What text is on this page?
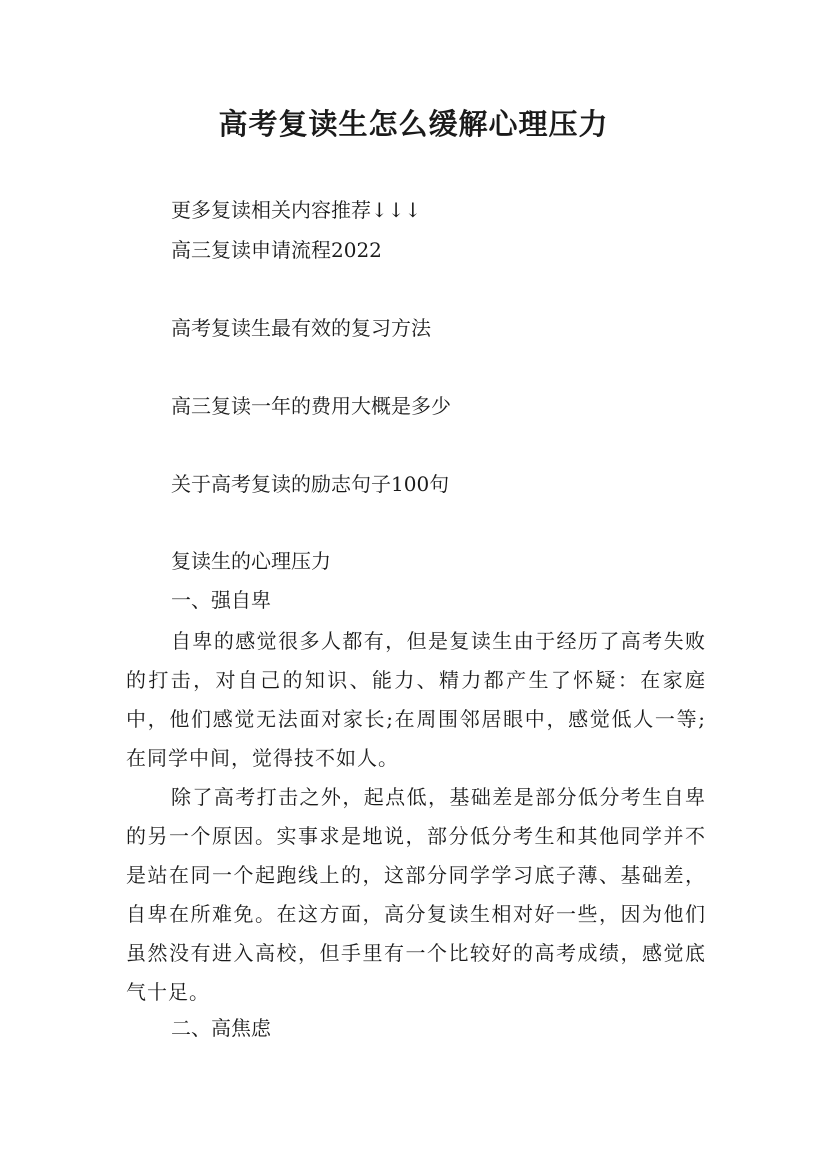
高考复读生怎么缓解心理压力
更多复读相关内容推荐↓↓↓
高三复读申请流程2022
高考复读生最有效的复习方法
高三复读一年的费用大概是多少
关于高考复读的励志句子100句
复读生的心理压力
一、强自卑
自卑的感觉很多人都有，但是复读生由于经历了高考失败的打击，对自己的知识、能力、精力都产生了怀疑：在家庭中，他们感觉无法面对家长;在周围邻居眼中，感觉低人一等;在同学中间，觉得技不如人。
除了高考打击之外，起点低，基础差是部分低分考生自卑的另一个原因。实事求是地说，部分低分考生和其他同学并不是站在同一个起跑线上的，这部分同学学习底子薄、基础差，自卑在所难免。在这方面，高分复读生相对好一些，因为他们虽然没有进入高校，但手里有一个比较好的高考成绩，感觉底气十足。
二、高焦虑
